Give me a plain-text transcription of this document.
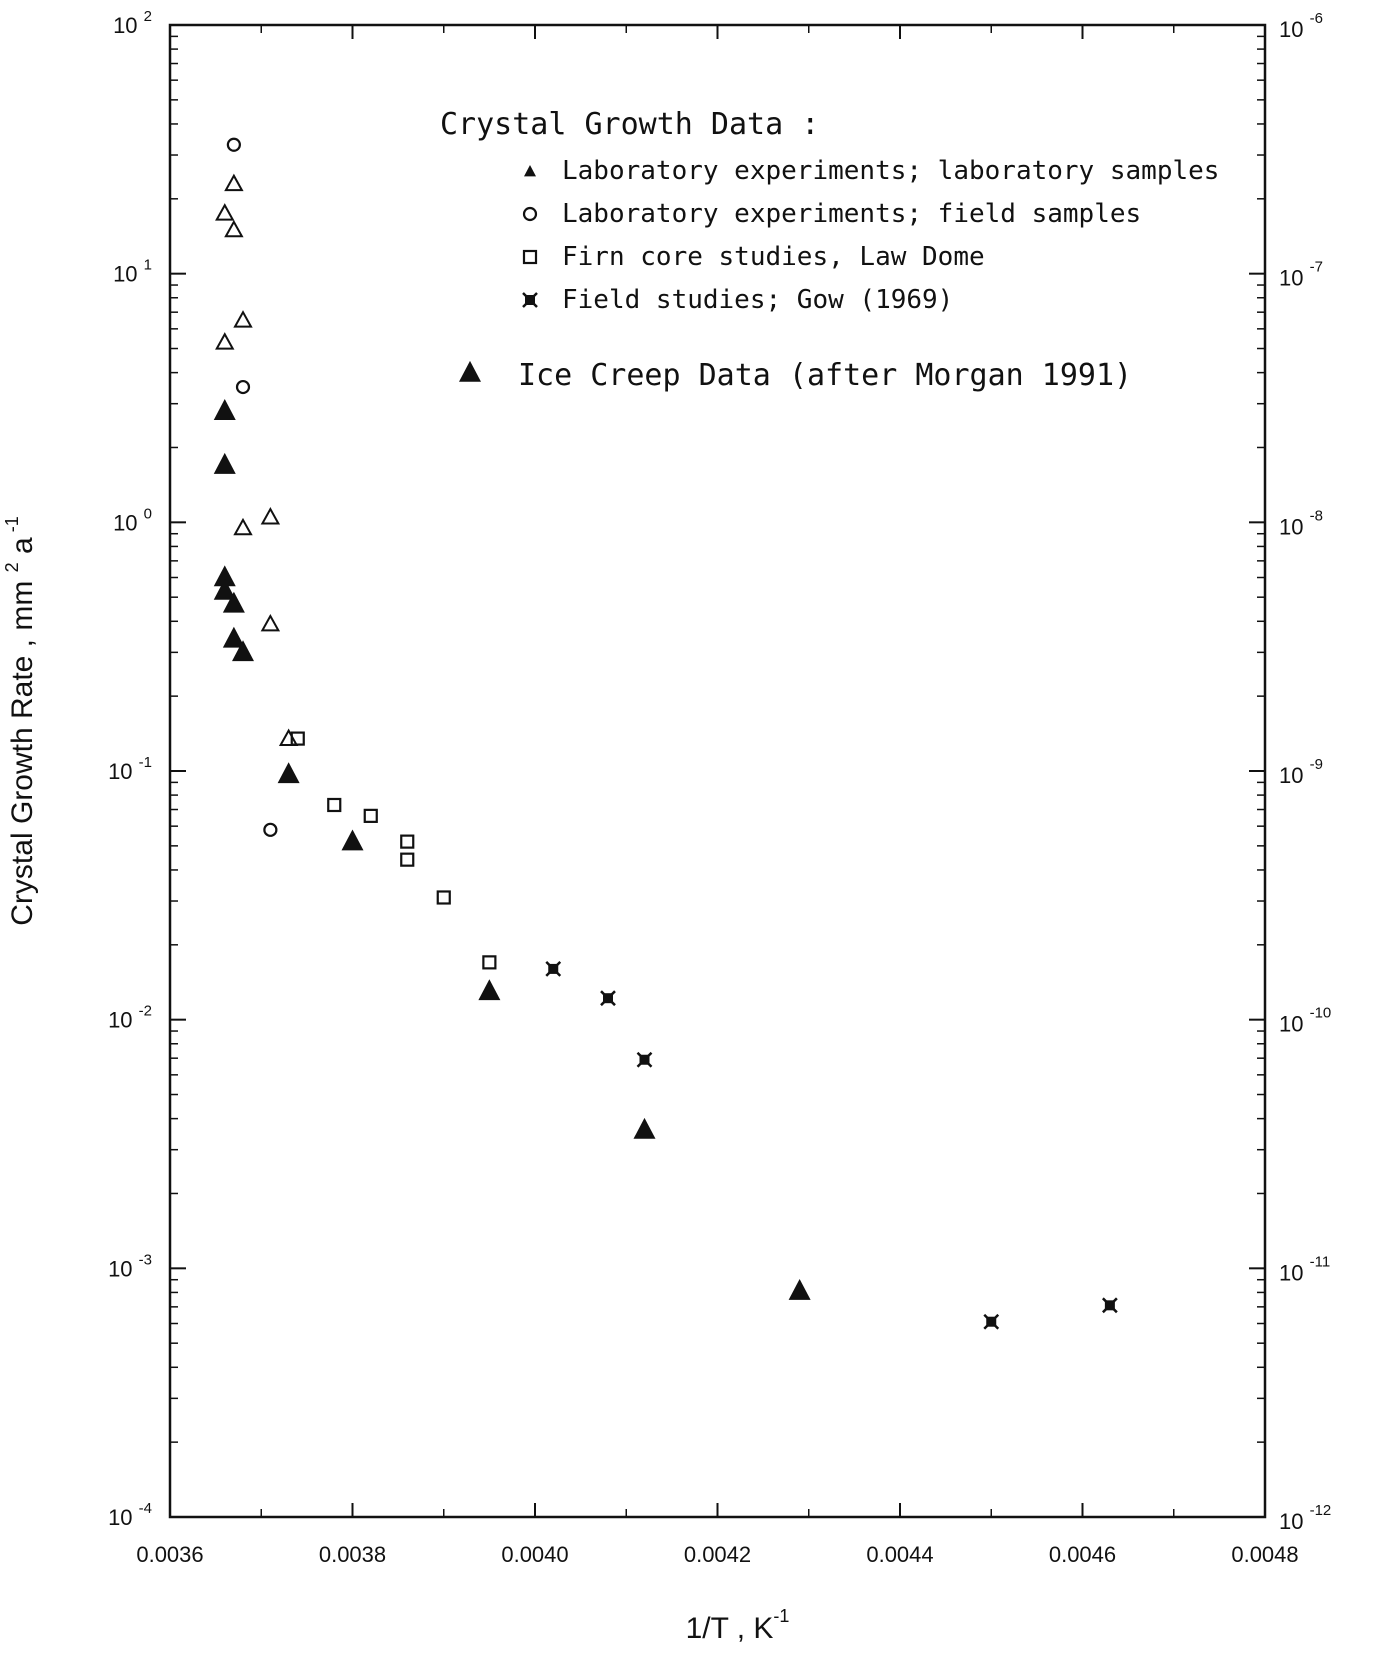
0.0036	0.0038	0.0040	0.0042	0.0044	0.0046	0.0048
10 $^2$
10 $^1$
10 $^0$
10 $^{-1}$
10 $^{-2}$
10 $^{-3}$
10 $^{-4}$
10 $^{-6}$
10 $^{-7}$
10 $^{-8}$
10 $^{-9}$
10 $^{-10}$
10 $^{-11}$
10 $^{-12}$
1/T , $K^{-1}$
Crystal Growth Rate , mm $^2$ a $^{-1}$
Crystal Growth Data :
Laboratory experiments; laboratory samples
Laboratory experiments; field samples
Firn core studies, Law Dome
Field studies; Gow (1969)
Ice Creep Data (after Morgan 1991)
